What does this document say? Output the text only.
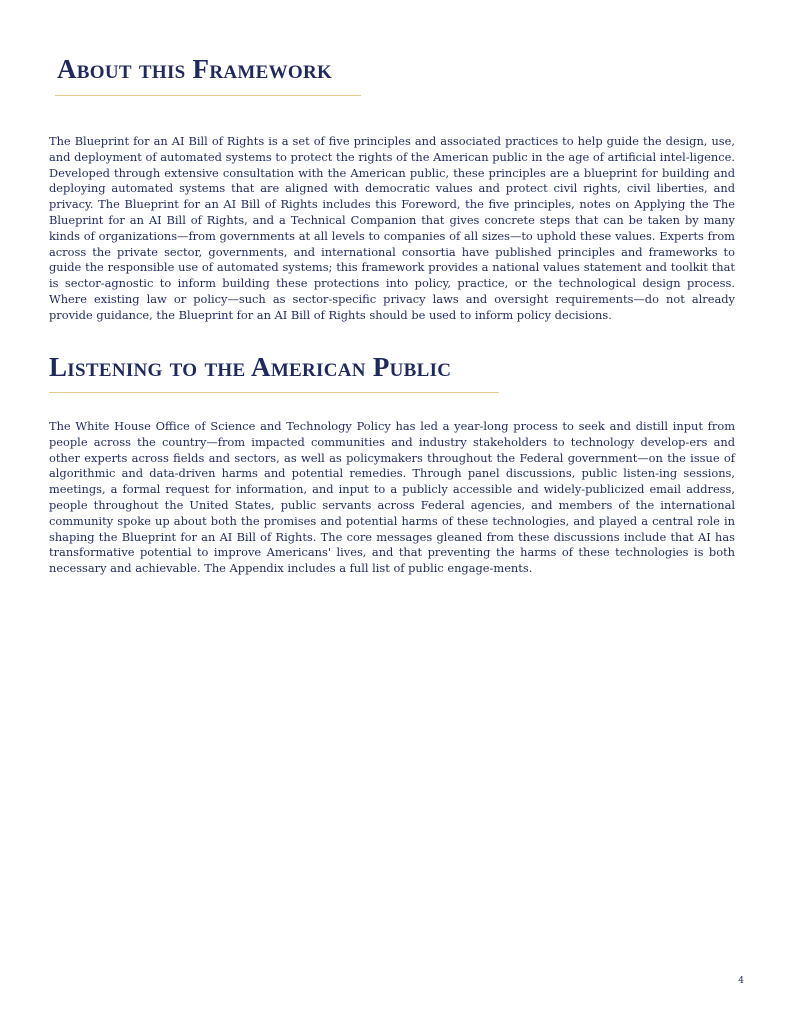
About this Framework

The Blueprint for an AI Bill of Rights is a set of five principles and associated practices to help guide the design, use, and deployment of automated systems to protect the rights of the American public in the age of artificial intel-ligence. Developed through extensive consultation with the American public, these principles are a blueprint for building and deploying automated systems that are aligned with democratic values and protect civil rights, civil liberties, and privacy. The Blueprint for an AI Bill of Rights includes this Foreword, the five principles, notes on Applying the The Blueprint for an AI Bill of Rights, and a Technical Companion that gives concrete steps that can be taken by many kinds of organizations—from governments at all levels to companies of all sizes—to uphold these values. Experts from across the private sector, governments, and international consortia have published principles and frameworks to guide the responsible use of automated systems; this framework provides a national values statement and toolkit that is sector-agnostic to inform building these protections into policy, practice, or the technological design process. Where existing law or policy—such as sector-specific privacy laws and oversight requirements—do not already provide guidance, the Blueprint for an AI Bill of Rights should be used to inform policy decisions.

Listening to the American Public

The White House Office of Science and Technology Policy has led a year-long process to seek and distill input from people across the country—from impacted communities and industry stakeholders to technology develop-ers and other experts across fields and sectors, as well as policymakers throughout the Federal government—on the issue of algorithmic and data-driven harms and potential remedies. Through panel discussions, public listen-ing sessions, meetings, a formal request for information, and input to a publicly accessible and widely-publicized email address, people throughout the United States, public servants across Federal agencies, and members of the international community spoke up about both the promises and potential harms of these technologies, and played a central role in shaping the Blueprint for an AI Bill of Rights. The core messages gleaned from these discussions include that AI has transformative potential to improve Americans' lives, and that preventing the harms of these technologies is both necessary and achievable. The Appendix includes a full list of public engage-ments.

4
